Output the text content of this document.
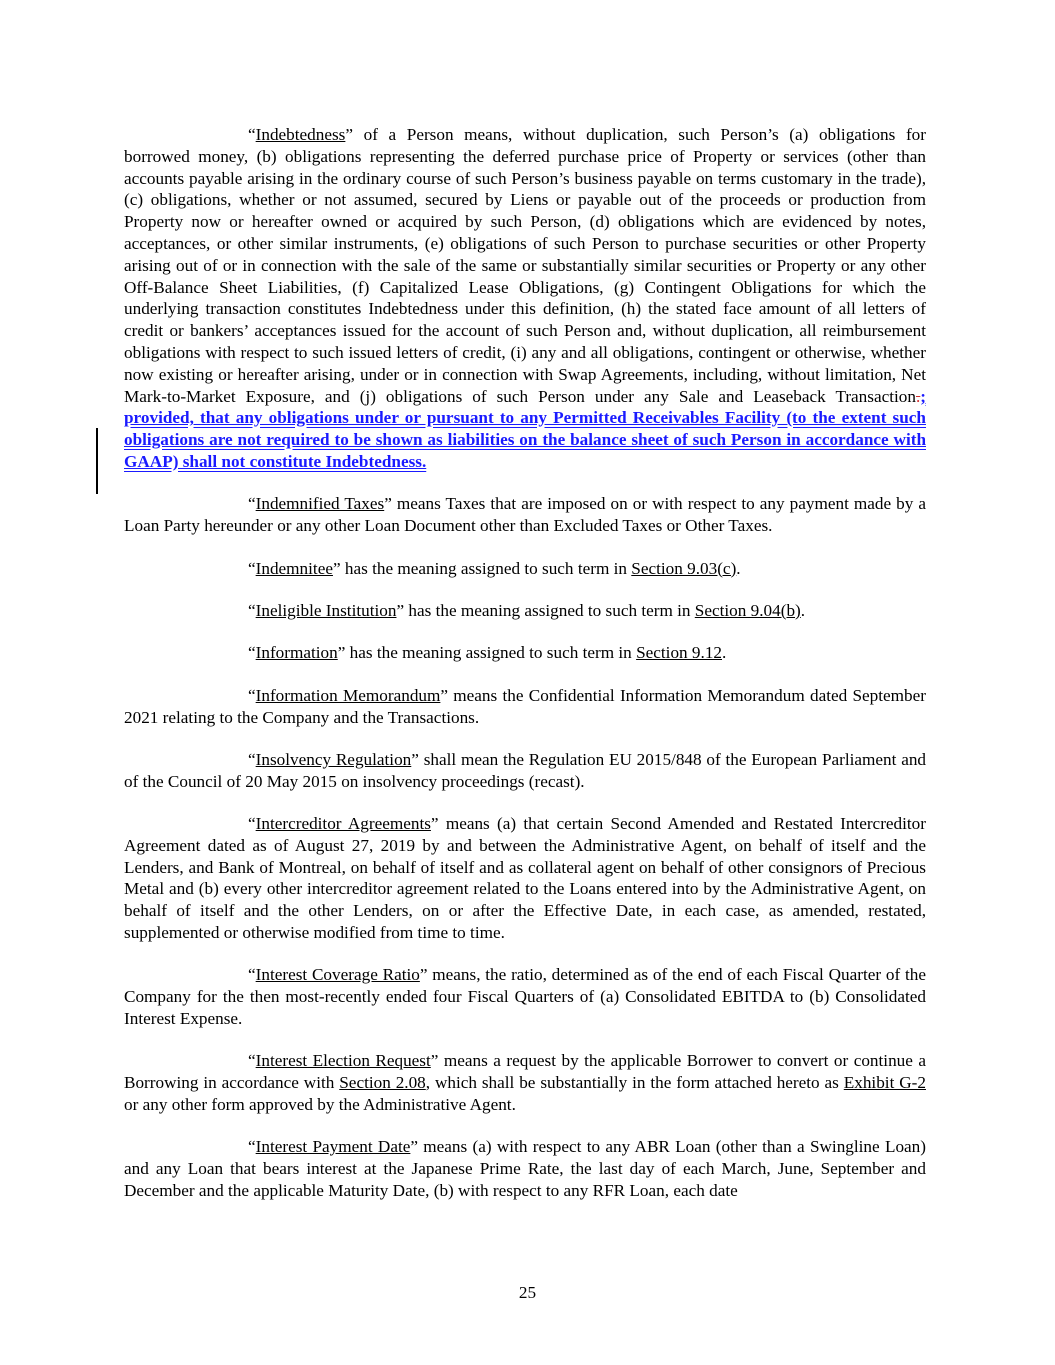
“Indebtedness” of a Person means, without duplication, such Person’s (a) obligations for borrowed money, (b) obligations representing the deferred purchase price of Property or services (other than accounts payable arising in the ordinary course of such Person’s business payable on terms customary in the trade), (c) obligations, whether or not assumed, secured by Liens or payable out of the proceeds or production from Property now or hereafter owned or acquired by such Person, (d) obligations which are evidenced by notes, acceptances, or other similar instruments, (e) obligations of such Person to purchase securities or other Property arising out of or in connection with the sale of the same or substantially similar securities or Property or any other Off-Balance Sheet Liabilities, (f) Capitalized Lease Obligations, (g) Contingent Obligations for which the underlying transaction constitutes Indebtedness under this definition, (h) the stated face amount of all letters of credit or bankers’ acceptances issued for the account of such Person and, without duplication, all reimbursement obligations with respect to such issued letters of credit, (i) any and all obligations, contingent or otherwise, whether now existing or hereafter arising, under or in connection with Swap Agreements, including, without limitation, Net Mark-to-Market Exposure, and (j) obligations of such Person under any Sale and Leaseback Transaction.; provided, that any obligations under or pursuant to any Permitted Receivables Facility (to the extent such obligations are not required to be shown as liabilities on the balance sheet of such Person in accordance with GAAP) shall not constitute Indebtedness.

“Indemnified Taxes” means Taxes that are imposed on or with respect to any payment made by a Loan Party hereunder or any other Loan Document other than Excluded Taxes or Other Taxes.

“Indemnitee” has the meaning assigned to such term in Section 9.03(c).

“Ineligible Institution” has the meaning assigned to such term in Section 9.04(b).

“Information” has the meaning assigned to such term in Section 9.12.

“Information Memorandum” means the Confidential Information Memorandum dated September 2021 relating to the Company and the Transactions.

“Insolvency Regulation” shall mean the Regulation EU 2015/848 of the European Parliament and of the Council of 20 May 2015 on insolvency proceedings (recast).

“Intercreditor Agreements” means (a) that certain Second Amended and Restated Intercreditor Agreement dated as of August 27, 2019 by and between the Administrative Agent, on behalf of itself and the Lenders, and Bank of Montreal, on behalf of itself and as collateral agent on behalf of other consignors of Precious Metal and (b) every other intercreditor agreement related to the Loans entered into by the Administrative Agent, on behalf of itself and the other Lenders, on or after the Effective Date, in each case, as amended, restated, supplemented or otherwise modified from time to time.

“Interest Coverage Ratio” means, the ratio, determined as of the end of each Fiscal Quarter of the Company for the then most-recently ended four Fiscal Quarters of (a) Consolidated EBITDA to (b) Consolidated Interest Expense.

“Interest Election Request” means a request by the applicable Borrower to convert or continue a Borrowing in accordance with Section 2.08, which shall be substantially in the form attached hereto as Exhibit G-2 or any other form approved by the Administrative Agent.

“Interest Payment Date” means (a) with respect to any ABR Loan (other than a Swingline Loan) and any Loan that bears interest at the Japanese Prime Rate, the last day of each March, June, September and December and the applicable Maturity Date, (b) with respect to any RFR Loan, each date

25
